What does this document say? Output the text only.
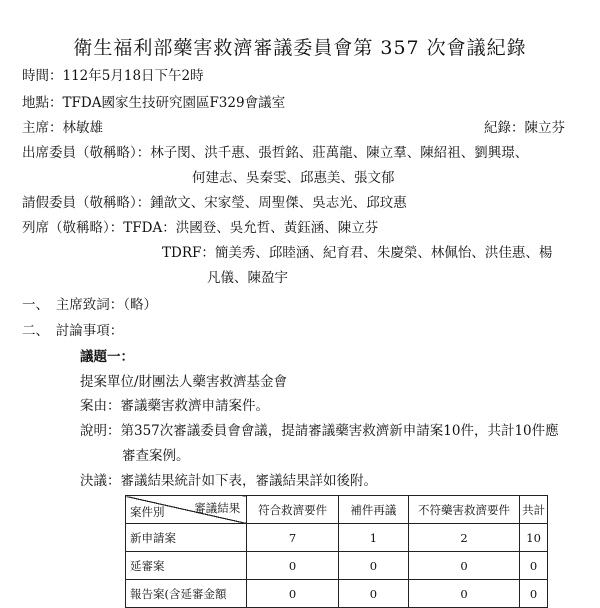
衛生福利部藥害救濟審議委員會第 357 次會議紀錄
時間：112年5月18日下午2時
地點：TFDA國家生技研究園區F329會議室
主席：林敏雄	紀錄：陳立芬
出席委員（敬稱略）：林子閔、洪千惠、張哲銘、莊萬龍、陳立羣、陳紹祖、劉興璟、
何建志、吳秦雯、邱惠美、張文郁
請假委員（敬稱略）：鍾歆文、宋家瑩、周聖傑、吳志光、邱玟惠
列席（敬稱略）：TFDA：洪國登、吳允哲、黃鈺涵、陳立芬
TDRF：簡美秀、邱睦涵、紀育君、朱慶榮、林佩怡、洪佳惠、楊
凡儀、陳盈宇
一、　主席致詞：（略）
二、　討論事項：
議題一：
提案單位/財團法人藥害救濟基金會
案由：審議藥害救濟申請案件。
說明：第357次審議委員會會議，提請審議藥害救濟新申請案10件，共計10件應
審查案例。
決議：審議結果統計如下表，審議結果詳如後附。
審議結果
案件別	符合救濟要件	補件再議	不符藥害救濟要件	共計
新申請案	7	1	2	10
延審案	0	0	0	0
報告案(含延審金額	0	0	0	0
